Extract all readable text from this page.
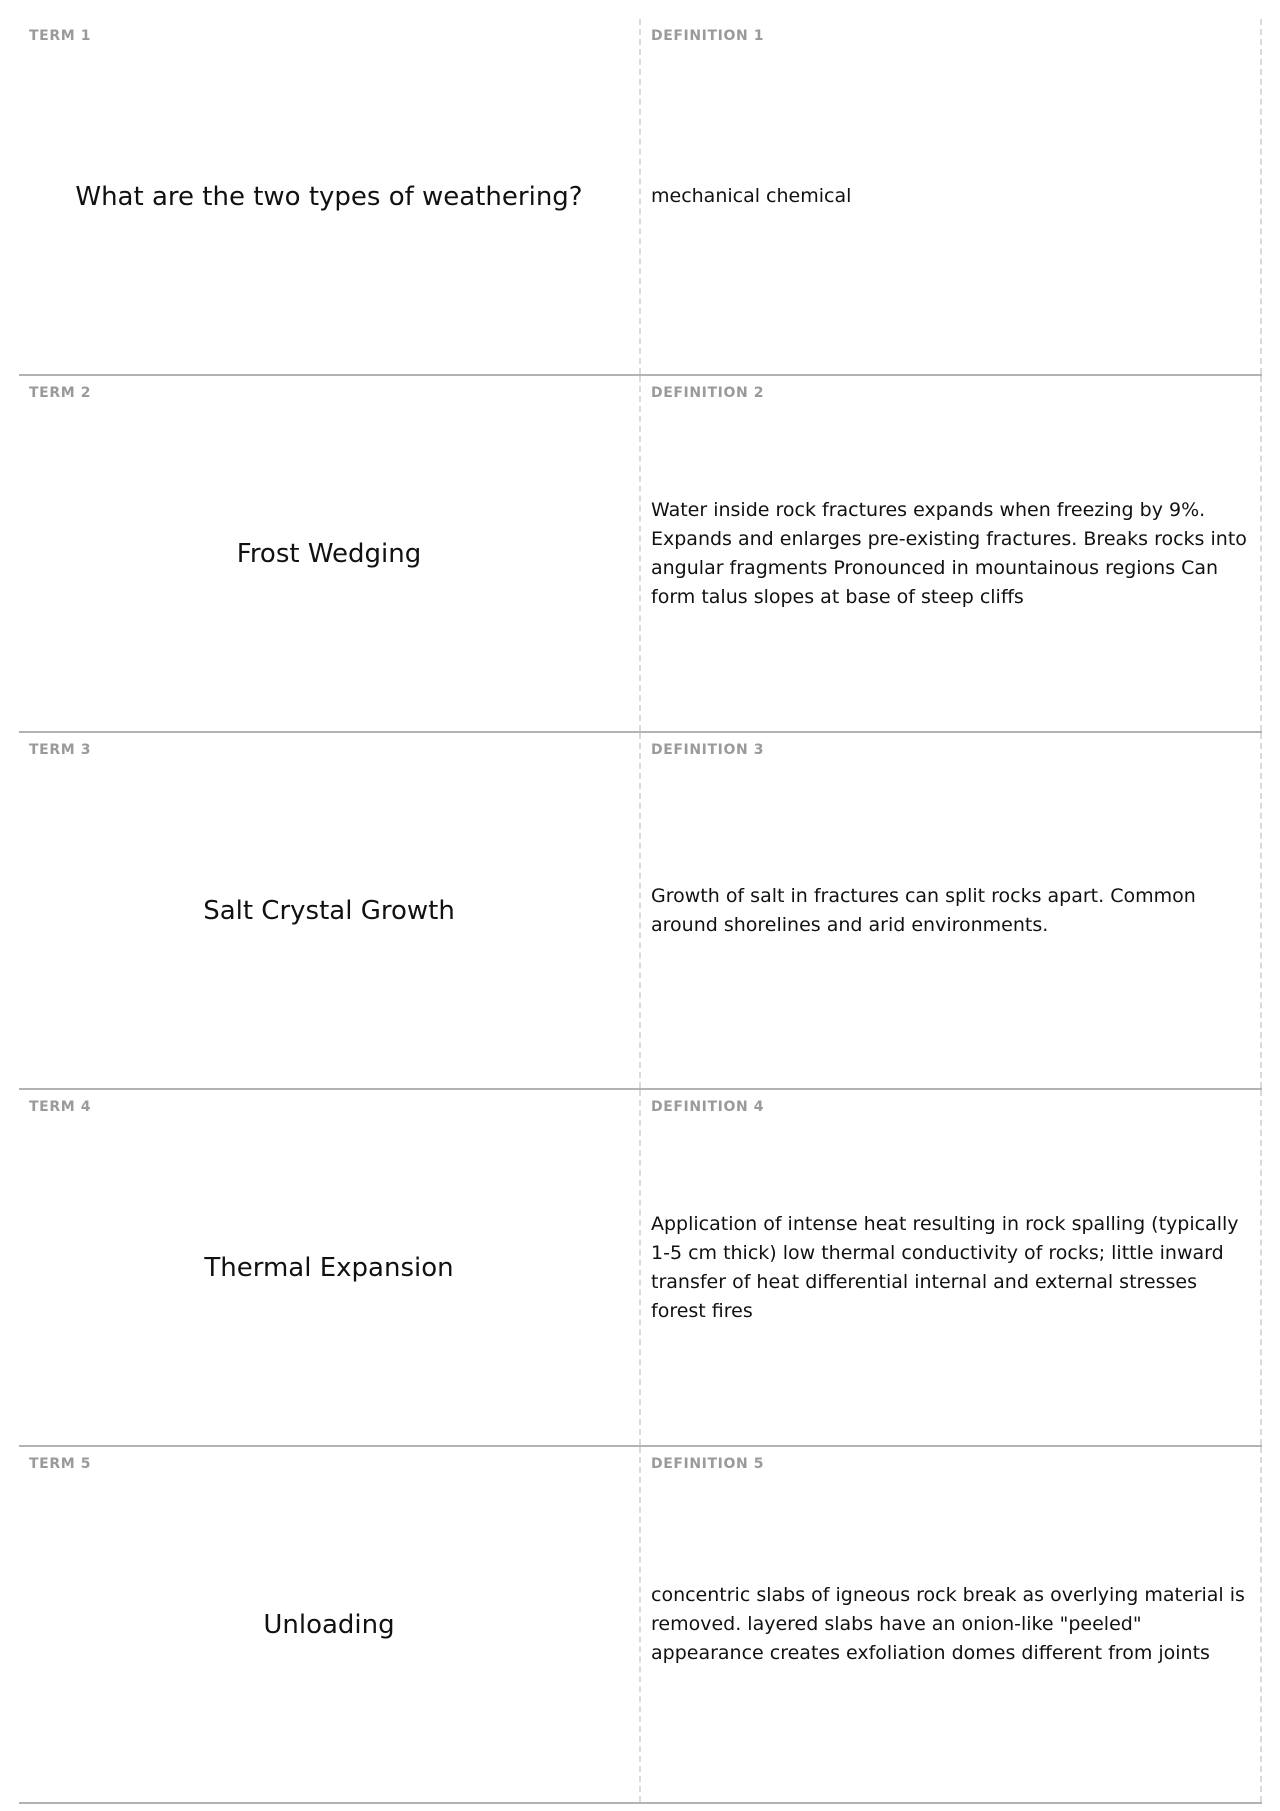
TERM 1
What are the two types of weathering?
DEFINITION 1
mechanical chemical
TERM 2
Frost Wedging
DEFINITION 2
Water inside rock fractures expands when freezing by 9%. Expands and enlarges pre-existing fractures. Breaks rocks into angular fragments Pronounced in mountainous regions Can form talus slopes at base of steep cliffs
TERM 3
Salt Crystal Growth
DEFINITION 3
Growth of salt in fractures can split rocks apart. Common around shorelines and arid environments.
TERM 4
Thermal Expansion
DEFINITION 4
Application of intense heat resulting in rock spalling (typically 1-5 cm thick) low thermal conductivity of rocks; little inward transfer of heat differential internal and external stresses forest fires
TERM 5
Unloading
DEFINITION 5
concentric slabs of igneous rock break as overlying material is removed. layered slabs have an onion-like "peeled" appearance creates exfoliation domes different from joints
